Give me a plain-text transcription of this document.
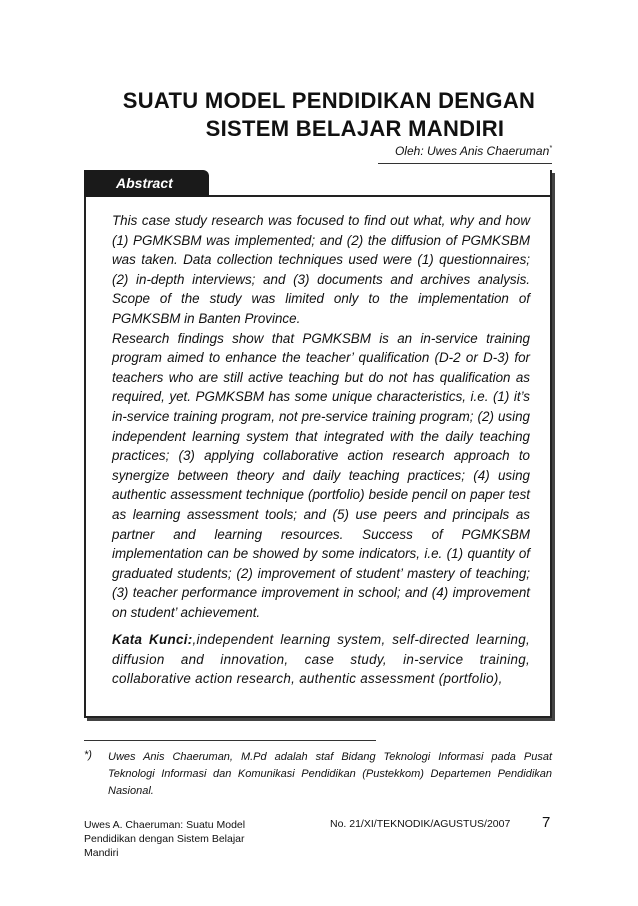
SUATU MODEL PENDIDIKAN DENGAN
SISTEM BELAJAR MANDIRI
Oleh: Uwes Anis Chaeruman*
Abstract

This case study research was focused to find out what, why and how (1) PGMKSBM was implemented; and (2) the diffusion of PGMKSBM was taken. Data collection techniques used were (1) questionnaires; (2) in-depth interviews; and (3) documents and archives analysis. Scope of the study was limited only to the implementation of PGMKSBM in Banten Province.

Research findings show that PGMKSBM is an in-service training program aimed to enhance the teacher’ qualification (D-2 or D-3) for teachers who are still active teaching but do not has qualification as required, yet. PGMKSBM has some unique characteristics, i.e. (1) it’s in-service training program, not pre-service training program; (2) using independent learning system that integrated with the daily teaching practices; (3) applying collaborative action research approach to synergize between theory and daily teaching practices; (4) using authentic assessment technique (portfolio) beside pencil on paper test as learning assessment tools; and (5) use peers and principals as partner and learning resources. Success of PGMKSBM implementation can be showed by some indicators, i.e. (1) quantity of graduated students; (2) improvement of student’ mastery of teaching; (3) teacher performance improvement in school; and (4) improvement on student’ achievement.

Kata Kunci:,independent learning system, self-directed learning, diffusion and innovation, case study, in-service training, collaborative action research, authentic assessment (portfolio),
*) Uwes Anis Chaeruman, M.Pd adalah staf Bidang Teknologi Informasi pada Pusat Teknologi Informasi dan Komunikasi Pendidikan (Pustekkom) Departemen Pendidikan Nasional.
Uwes A. Chaeruman: Suatu Model
Pendidikan dengan Sistem Belajar
Mandiri
No. 21/XI/TEKNODIK/AGUSTUS/2007 7
